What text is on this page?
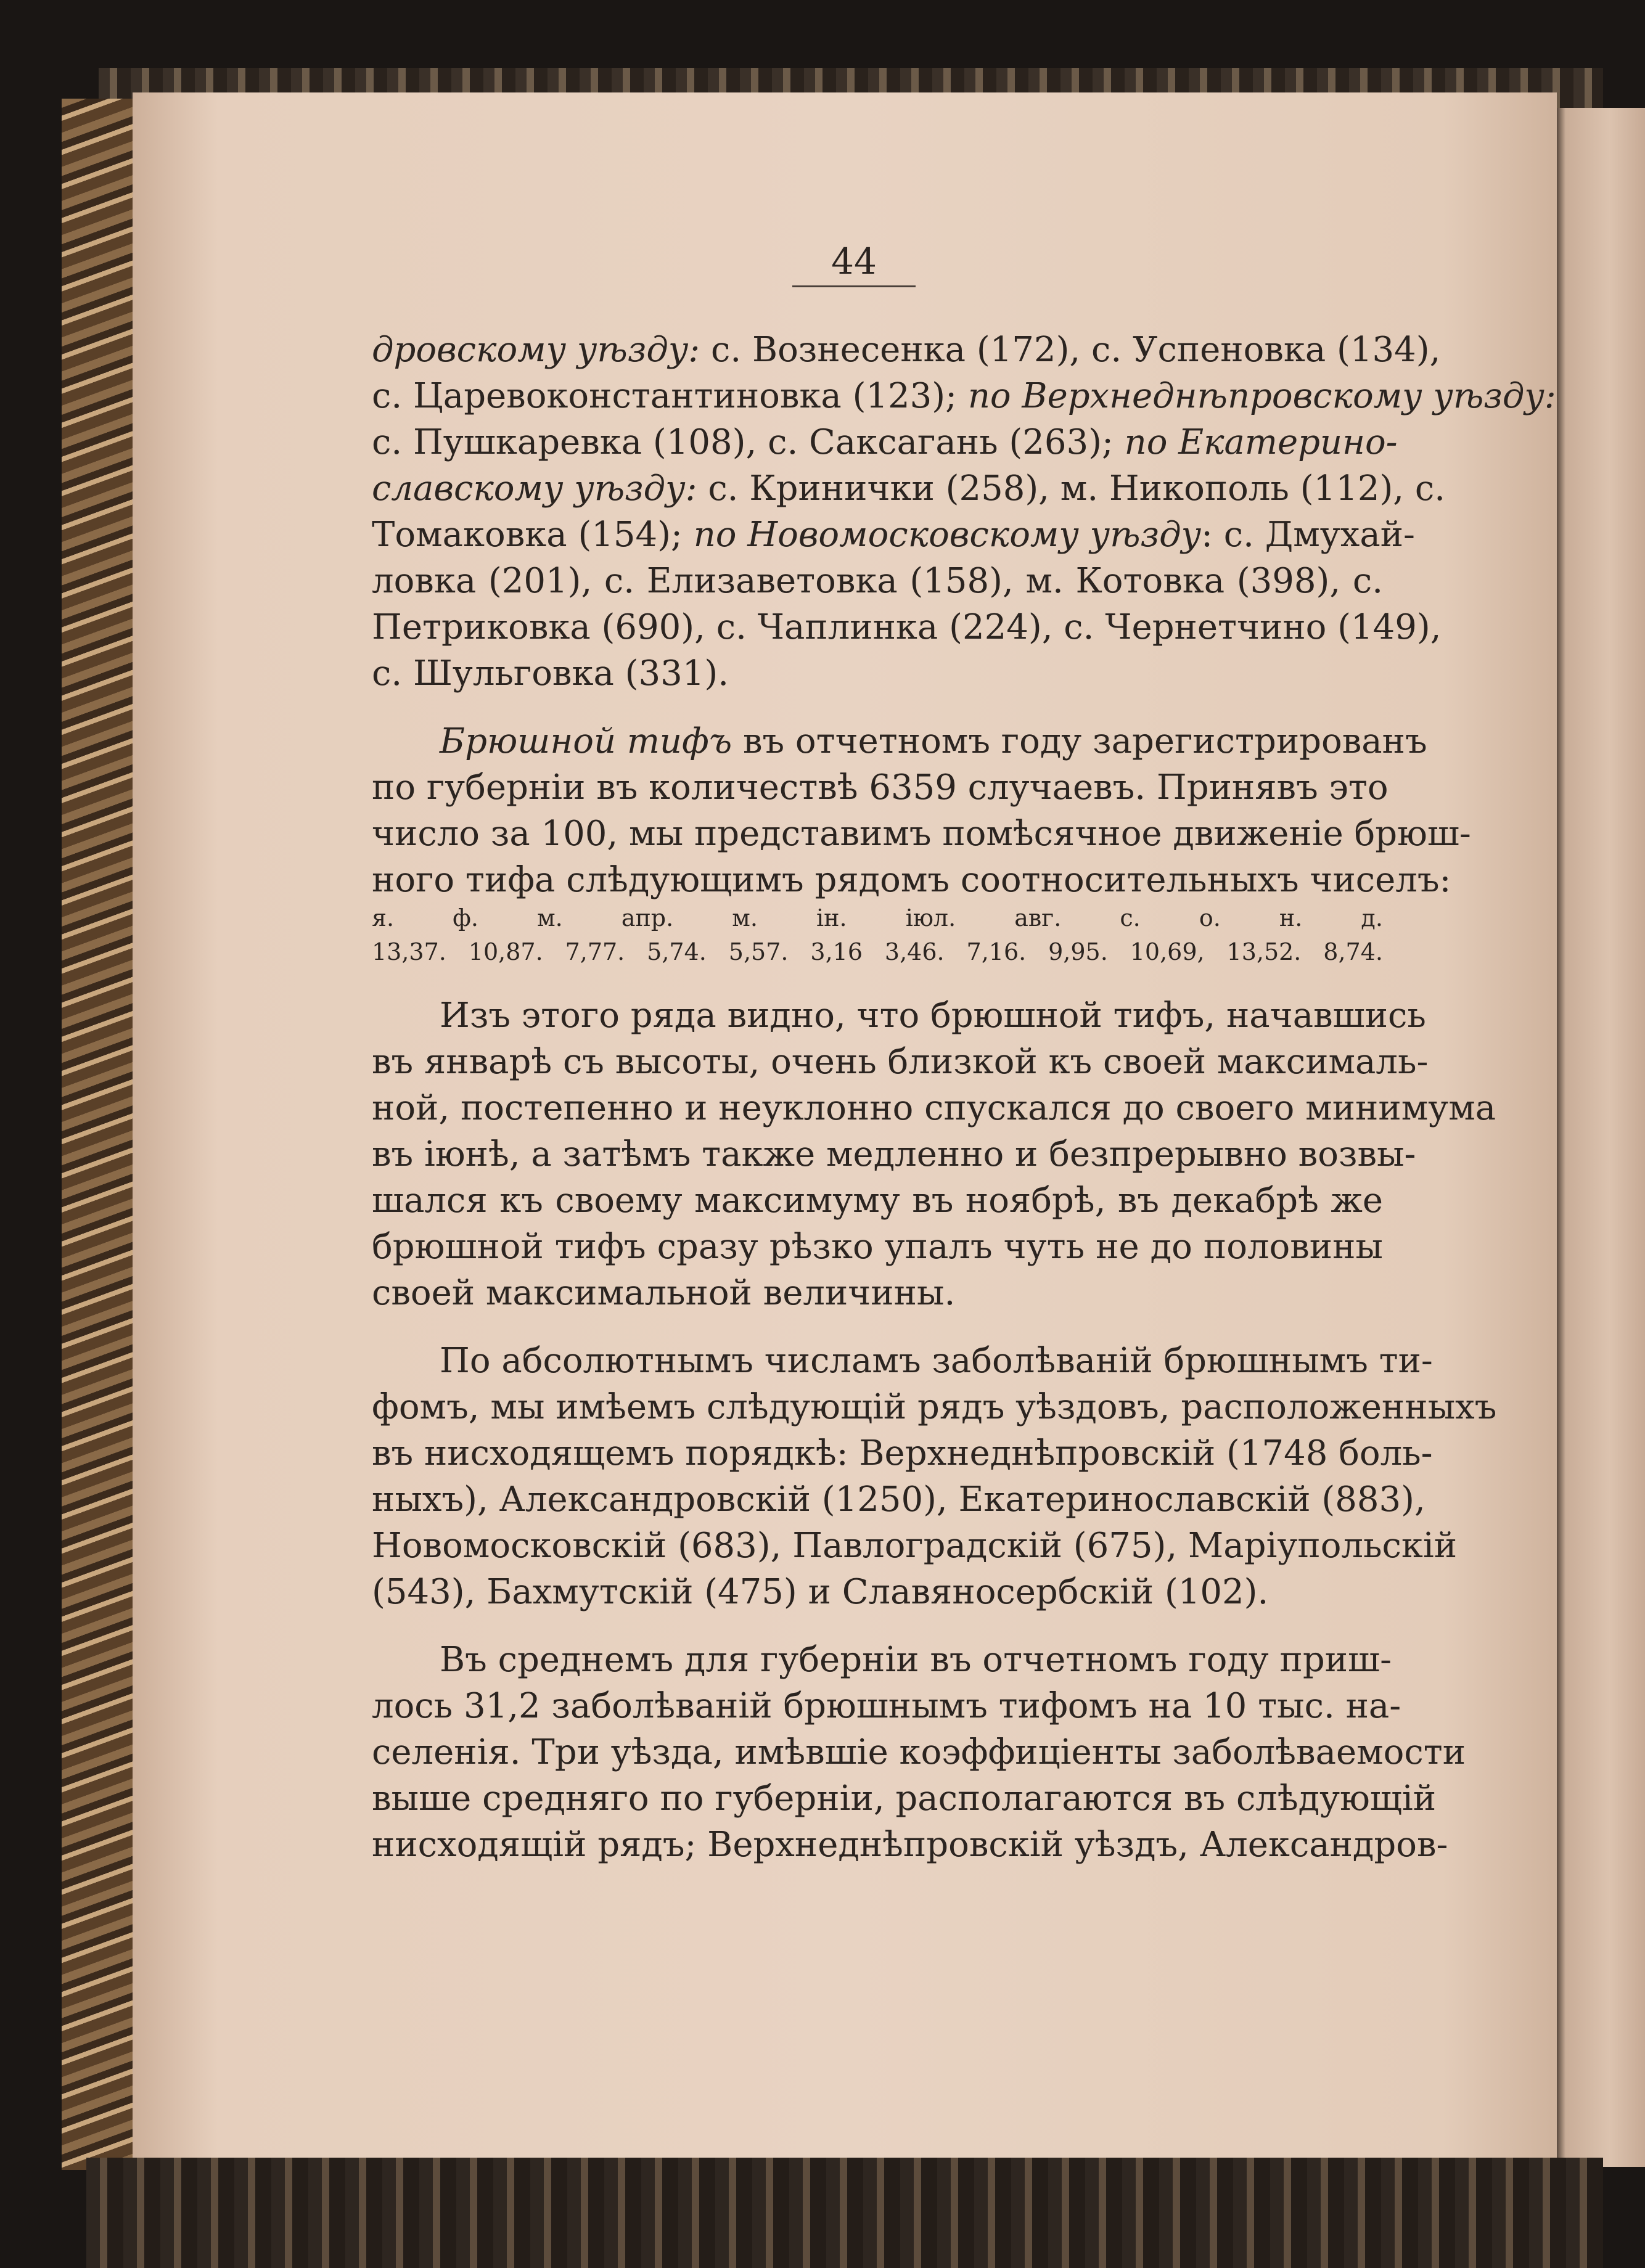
44
дровскому уѣзду: с. Вознесенка (172), с. Успеновка (134),
с. Царевоконстантиновка (123); по Верхнеднѣпровскому уѣзду:
с. Пушкаревка (108), с. Саксагань (263); по Екатерино-
славскому уѣзду: с. Кринички (258), м. Никополь (112), с.
Томаковка (154); по Новомосковскому уѣзду: с. Дмухай-
ловка (201), с. Елизаветовка (158), м. Котовка (398), с.
Петриковка (690), с. Чаплинка (224), с. Чернетчино (149),
с. Шульговка (331).
Брюшной тифъ въ отчетномъ году зарегистрированъ
по губерніи въ количествѣ 6359 случаевъ. Принявъ это
число за 100, мы представимъ помѣсячное движеніе брюш-
ного тифа слѣдующимъ рядомъ соотносительныхъ чиселъ:
я.	ф.	м.	апр.	м.	ін.	іюл.	авг.	с.	о.	н.	д.
13,37. 10,87. 7,77. 5,74. 5,57. 3,16 3,46. 7,16. 9,95. 10,69, 13,52. 8,74.
Изъ этого ряда видно, что брюшной тифъ, начавшись
въ январѣ съ высоты, очень близкой къ своей максималь-
ной, постепенно и неуклонно спускался до своего минимума
въ іюнѣ, а затѣмъ также медленно и безпрерывно возвы-
шался къ своему максимуму въ ноябрѣ, въ декабрѣ же
брюшной тифъ сразу рѣзко упалъ чуть не до половины
своей максимальной величины.
По абсолютнымъ числамъ заболѣваній брюшнымъ ти-
фомъ, мы имѣемъ слѣдующій рядъ уѣздовъ, расположенныхъ
въ нисходящемъ порядкѣ: Верхнеднѣпровскій (1748 боль-
ныхъ), Александровскій (1250), Екатеринославскій (883),
Новомосковскій (683), Павлоградскій (675), Маріупольскій
(543), Бахмутскій (475) и Славяносербскій (102).
Въ среднемъ для губерніи въ отчетномъ году приш-
лось 31,2 заболѣваній брюшнымъ тифомъ на 10 тыс. на-
селенія. Три уѣзда, имѣвшіе коэффиціенты заболѣваемости
выше средняго по губерніи, располагаются въ слѣдующій
нисходящій рядъ; Верхнеднѣпровскій уѣздъ, Александров-
